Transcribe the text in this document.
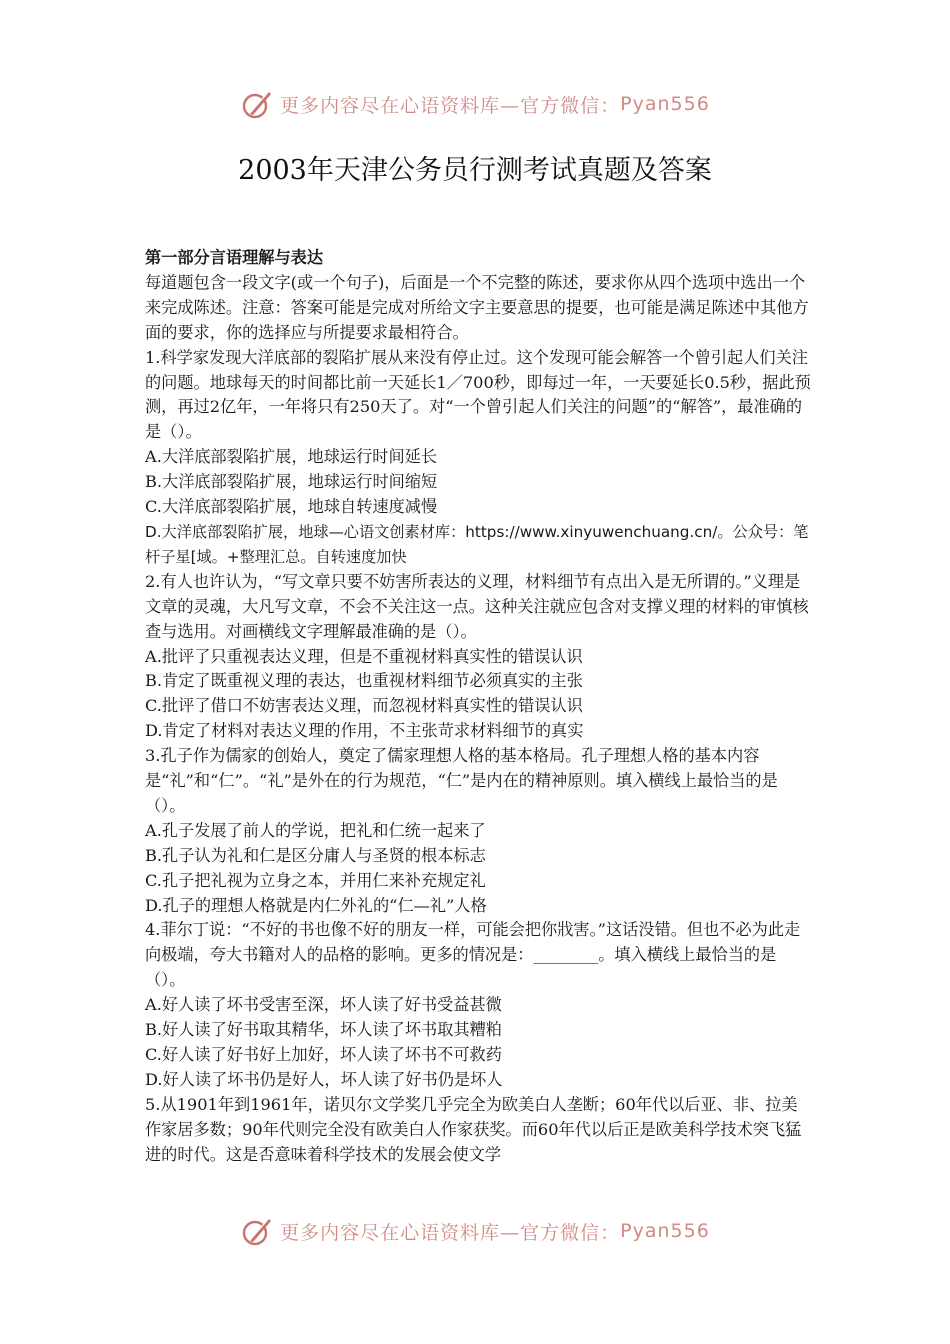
更多内容尽在心语资料库—官方微信： Pyan556
2003年天津公务员行测考试真题及答案

第一部分言语理解与表达

每道题包含一段文字(或一个句子)，后面是一个不完整的陈述，要求你从四个选项中选出一个来完成陈述。注意：答案可能是完成对所给文字主要意思的提要，也可能是满足陈述中其他方面的要求，你的选择应与所提要求最相符合。

1.科学家发现大洋底部的裂陷扩展从来没有停止过。这个发现可能会解答一个曾引起人们关注的问题。地球每天的时间都比前一天延长1／700秒，即每过一年，一天要延长0.5秒，据此预测，再过2亿年，一年将只有250天了。对“一个曾引起人们关注的问题”的“解答”，最准确的是（）。

A.大洋底部裂陷扩展，地球运行时间延长

B.大洋底部裂陷扩展，地球运行时间缩短

C.大洋底部裂陷扩展，地球自转速度减慢

D.大洋底部裂陷扩展，地球—心语文创素材库：https://www.xinyuwenchuang.cn/。公众号：笔杆子星[域。+整理汇总。自转速度加快

2.有人也许认为，“写文章只要不妨害所表达的义理，材料细节有点出入是无所谓的。”义理是文章的灵魂，大凡写文章，不会不关注这一点。这种关注就应包含对支撑义理的材料的审慎核查与选用。对画横线文字理解最准确的是（）。

A.批评了只重视表达义理，但是不重视材料真实性的错误认识

B.肯定了既重视义理的表达，也重视材料细节必须真实的主张

C.批评了借口不妨害表达义理，而忽视材料真实性的错误认识

D.肯定了材料对表达义理的作用，不主张苛求材料细节的真实

3.孔子作为儒家的创始人，奠定了儒家理想人格的基本格局。孔子理想人格的基本内容是“礼”和“仁”。“礼”是外在的行为规范，“仁”是内在的精神原则。填入横线上最恰当的是（）。

A.孔子发展了前人的学说，把礼和仁统一起来了

B.孔子认为礼和仁是区分庸人与圣贤的根本标志

C.孔子把礼视为立身之本，并用仁来补充规定礼

D.孔子的理想人格就是内仁外礼的“仁—礼”人格

4.菲尔丁说：“不好的书也像不好的朋友一样，可能会把你戕害。”这话没错。但也不必为此走向极端，夸大书籍对人的品格的影响。更多的情况是：________。填入横线上最恰当的是（）。

A.好人读了坏书受害至深，坏人读了好书受益甚微

B.好人读了好书取其精华，坏人读了坏书取其糟粕

C.好人读了好书好上加好，坏人读了坏书不可救药

D.好人读了坏书仍是好人，坏人读了好书仍是坏人

5.从1901年到1961年，诺贝尔文学奖几乎完全为欧美白人垄断；60年代以后亚、非、拉美作家居多数；90年代则完全没有欧美白人作家获奖。而60年代以后正是欧美科学技术突飞猛进的时代。这是否意味着科学技术的发展会使文学

更多内容尽在心语资料库—官方微信： Pyan556
